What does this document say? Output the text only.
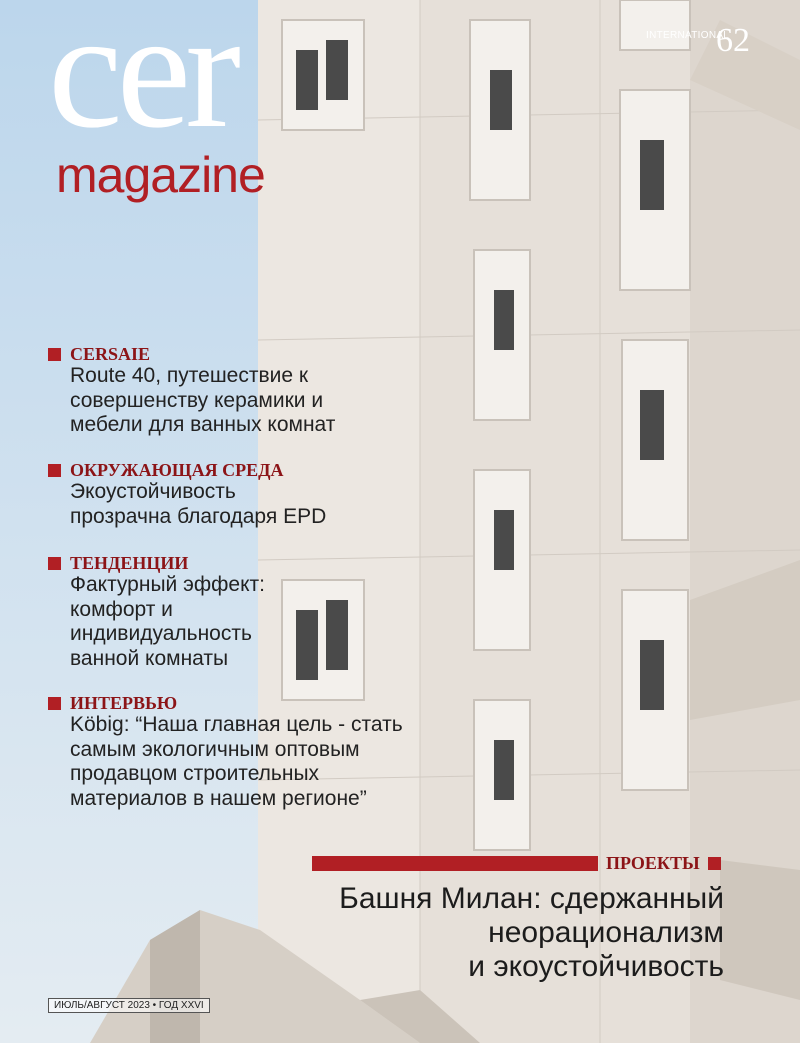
cer
magazine
INTERNATIONAL
62
CERSAIE
Route 40, путешествие к
совершенству керамики и
мебели для ванных комнат
ОКРУЖАЮЩАЯ СРЕДА
Экоустойчивость
прозрачна благодаря EPD
ТЕНДЕНЦИИ
Фактурный эффект:
комфорт и
индивидуальность
ванной комнаты
ИНТЕРВЬЮ
Köbig: “Наша главная цель - стать
самым экологичным оптовым
продавцом строительных
материалов в нашем регионе”
ПРОЕКТЫ
Башня Милан: сдержанный
неорационализм
и экоустойчивость
ИЮЛЬ/АВГУСТ 2023 • ГОД XXVI
